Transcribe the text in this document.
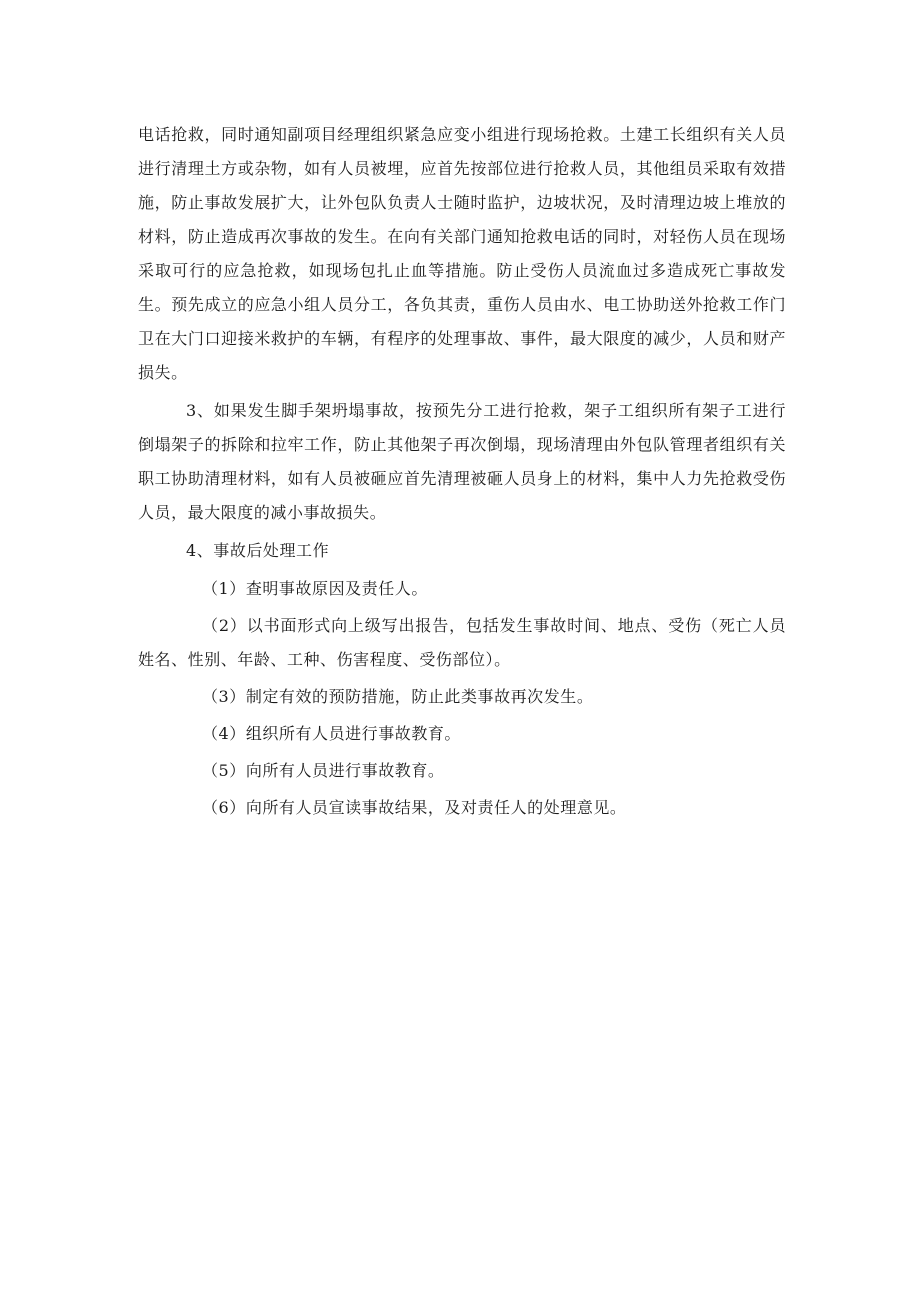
电话抢救，同时通知副项目经理组织紧急应变小组进行现场抢救。土建工长组织有关人员进行清理土方或杂物，如有人员被埋，应首先按部位进行抢救人员，其他组员采取有效措施，防止事故发展扩大，让外包队负责人士随时监护，边坡状况，及时清理边坡上堆放的材料，防止造成再次事故的发生。在向有关部门通知抢救电话的同时，对轻伤人员在现场采取可行的应急抢救，如现场包扎止血等措施。防止受伤人员流血过多造成死亡事故发生。预先成立的应急小组人员分工，各负其责，重伤人员由水、电工协助送外抢救工作门卫在大门口迎接米救护的车辆，有程序的处理事故、事件，最大限度的减少，人员和财产损失。

3、如果发生脚手架坍塌事故，按预先分工进行抢救，架子工组织所有架子工进行倒塌架子的拆除和拉牢工作，防止其他架子再次倒塌，现场清理由外包队管理者组织有关职工协助清理材料，如有人员被砸应首先清理被砸人员身上的材料，集中人力先抢救受伤人员，最大限度的减小事故损失。

4、事故后处理工作

（1）查明事故原因及责任人。

（2）以书面形式向上级写出报告，包括发生事故时间、地点、受伤（死亡人员姓名、性别、年龄、工种、伤害程度、受伤部位）。

（3）制定有效的预防措施，防止此类事故再次发生。

（4）组织所有人员进行事故教育。

（5）向所有人员进行事故教育。

（6）向所有人员宣读事故结果，及对责任人的处理意见。
